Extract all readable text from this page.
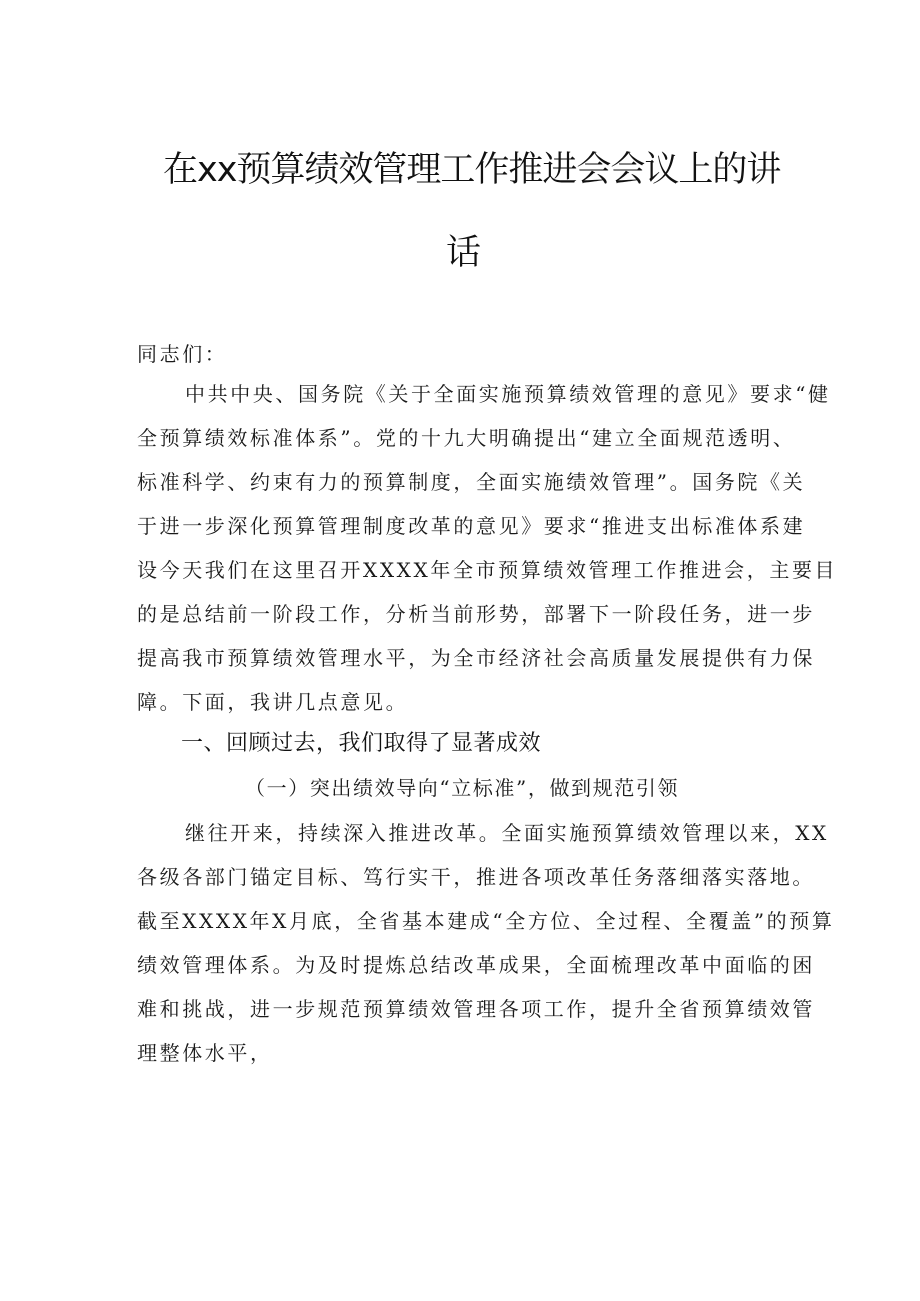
在xx预算绩效管理工作推进会会议上的讲
话
同志们：
中共中央、国务院《关于全面实施预算绩效管理的意见》要求“健
全预算绩效标准体系”。党的十九大明确提出“建立全面规范透明、
标准科学、约束有力的预算制度，全面实施绩效管理”。国务院《关
于进一步深化预算管理制度改革的意见》要求“推进支出标准体系建
设今天我们在这里召开XXXX年全市预算绩效管理工作推进会，主要目
的是总结前一阶段工作，分析当前形势，部署下一阶段任务，进一步
提高我市预算绩效管理水平，为全市经济社会高质量发展提供有力保
障。下面，我讲几点意见。
一、回顾过去，我们取得了显著成效
（一）突出绩效导向“立标准”，做到规范引领
继往开来，持续深入推进改革。全面实施预算绩效管理以来，XX
各级各部门锚定目标、笃行实干，推进各项改革任务落细落实落地。
截至XXXX年X月底，全省基本建成“全方位、全过程、全覆盖”的预算
绩效管理体系。为及时提炼总结改革成果，全面梳理改革中面临的困
难和挑战，进一步规范预算绩效管理各项工作，提升全省预算绩效管
理整体水平，
